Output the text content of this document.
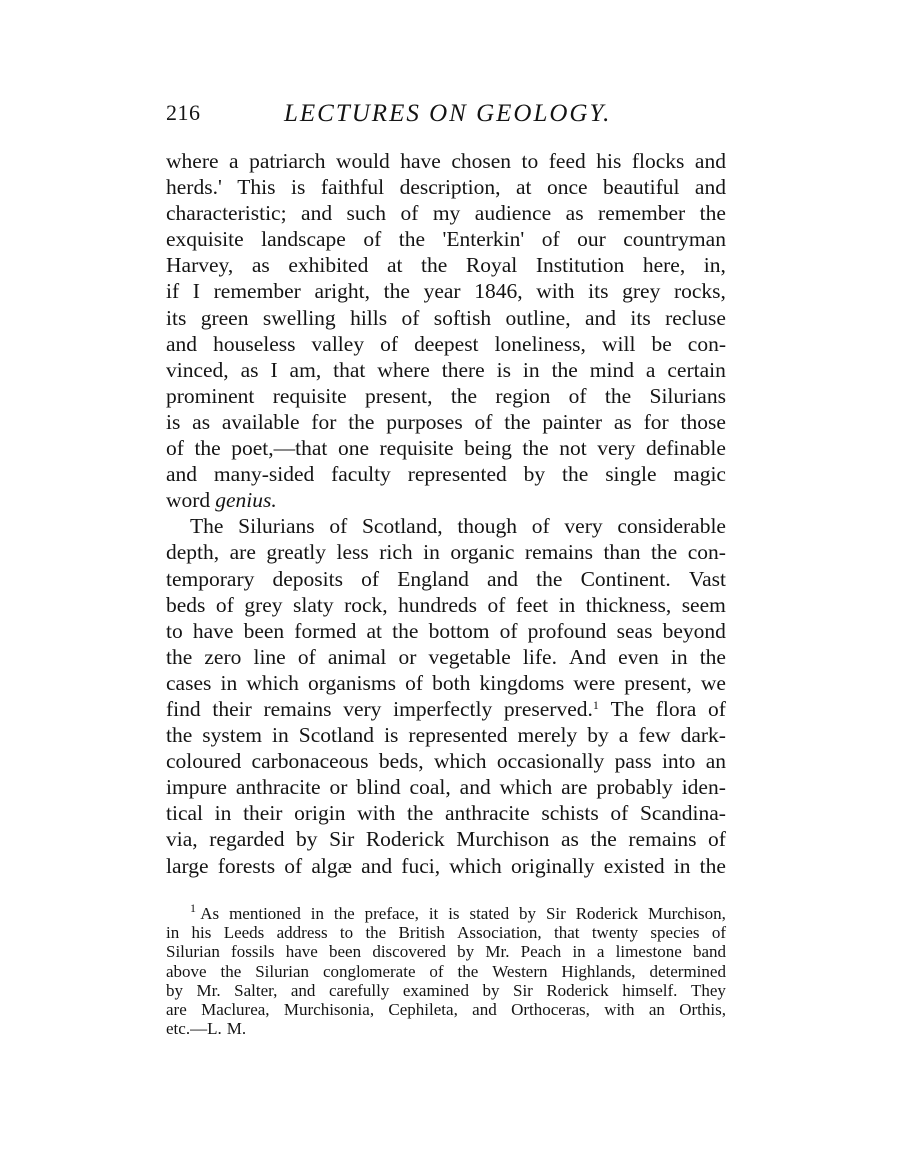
216	LECTURES ON GEOLOGY.
where a patriarch would have chosen to feed his flocks and
herds.' This is faithful description, at once beautiful and
characteristic; and such of my audience as remember the
exquisite landscape of the 'Enterkin' of our countryman
Harvey, as exhibited at the Royal Institution here, in,
if I remember aright, the year 1846, with its grey rocks,
its green swelling hills of softish outline, and its recluse
and houseless valley of deepest loneliness, will be con-
vinced, as I am, that where there is in the mind a certain
prominent requisite present, the region of the Silurians
is as available for the purposes of the painter as for those
of the poet,—that one requisite being the not very definable
and many-sided faculty represented by the single magic
word genius.
The Silurians of Scotland, though of very considerable
depth, are greatly less rich in organic remains than the con-
temporary deposits of England and the Continent. Vast
beds of grey slaty rock, hundreds of feet in thickness, seem
to have been formed at the bottom of profound seas beyond
the zero line of animal or vegetable life. And even in the
cases in which organisms of both kingdoms were present, we
find their remains very imperfectly preserved.$^1$ The flora of
the system in Scotland is represented merely by a few dark-
coloured carbonaceous beds, which occasionally pass into an
impure anthracite or blind coal, and which are probably iden-
tical in their origin with the anthracite schists of Scandina-
via, regarded by Sir Roderick Murchison as the remains of
large forests of algæ and fuci, which originally existed in the
$^1$ As mentioned in the preface, it is stated by Sir Roderick Murchison,
in his Leeds address to the British Association, that twenty species of
Silurian fossils have been discovered by Mr. Peach in a limestone band
above the Silurian conglomerate of the Western Highlands, determined
by Mr. Salter, and carefully examined by Sir Roderick himself. They
are Maclurea, Murchisonia, Cephileta, and Orthoceras, with an Orthis,
etc.—L. M.
